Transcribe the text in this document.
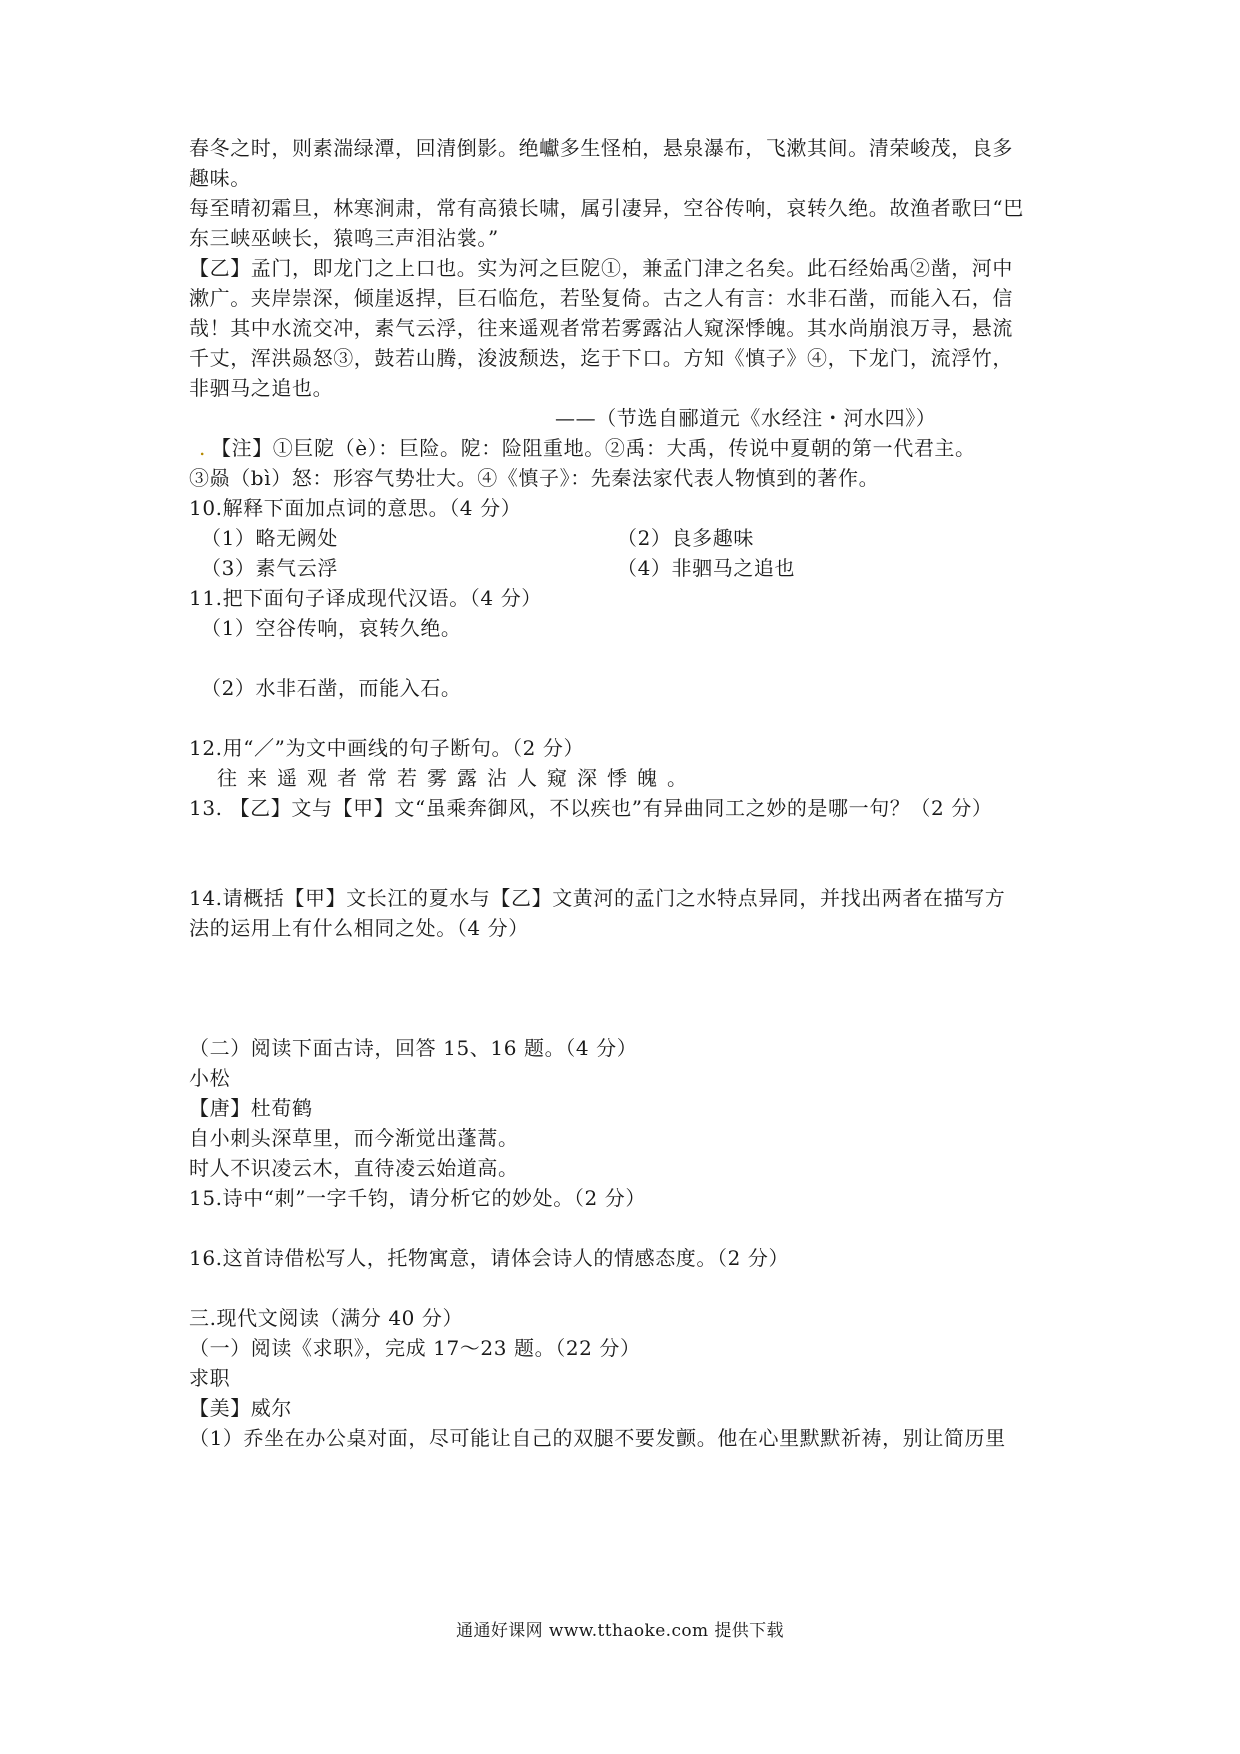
春冬之时，则素湍绿潭，回清倒影。绝巘多生怪柏，悬泉瀑布，飞漱其间。清荣峻茂，良多
趣味。
每至晴初霜旦，林寒涧肃，常有高猿长啸，属引凄异，空谷传响，哀转久绝。故渔者歌曰“巴
东三峡巫峡长，猿鸣三声泪沾裳。”
【乙】孟门，即龙门之上口也。实为河之巨阸①，兼孟门津之名矣。此石经始禹②凿，河中
漱广。夹岸崇深，倾崖返捍，巨石临危，若坠复倚。古之人有言：水非石凿，而能入石，信
哉！其中水流交冲，素气云浮，往来遥观者常若雾露沾人窥深悸魄。其水尚崩浪万寻，悬流
千丈，浑洪赑怒③，鼓若山腾，浚波颓迭，迄于下口。方知《慎子》④，下龙门，流浮竹，
非驷马之追也。
——（节选自郦道元《水经注・河水四》）
. 【注】①巨阸（è）：巨险。阸：险阻重地。②禹：大禹，传说中夏朝的第一代君主。
③赑（bì）怒：形容气势壮大。④《慎子》：先秦法家代表人物慎到的著作。
10.解释下面加点词的意思。（4 分）
（1）略无阙处	（2）良多趣味
（3）素气云浮	（4）非驷马之追也
11.把下面句子译成现代汉语。（4 分）
（1）空谷传响，哀转久绝。
（2）水非石凿，而能入石。
12.用“／”为文中画线的句子断句。（2 分）
往来遥观者常若雾露沾人窥深悸魄。
13. 【乙】文与【甲】文“虽乘奔御风，不以疾也”有异曲同工之妙的是哪一句？（2 分）
14.请概括【甲】文长江的夏水与【乙】文黄河的孟门之水特点异同，并找出两者在描写方
法的运用上有什么相同之处。（4 分）
（二）阅读下面古诗，回答 15、16 题。（4 分）
小松
【唐】杜荀鹤
自小刺头深草里，而今渐觉出蓬蒿。
时人不识凌云木，直待凌云始道高。
15.诗中“刺”一字千钧，请分析它的妙处。（2 分）
16.这首诗借松写人，托物寓意，请体会诗人的情感态度。（2 分）
三.现代文阅读（满分 40 分）
（一）阅读《求职》，完成 17～23 题。（22 分）
求职
【美】威尔
（1）乔坐在办公桌对面，尽可能让自己的双腿不要发颤。他在心里默默祈祷，别让简历里
通通好课网 www.tthaoke.com 提供下载
